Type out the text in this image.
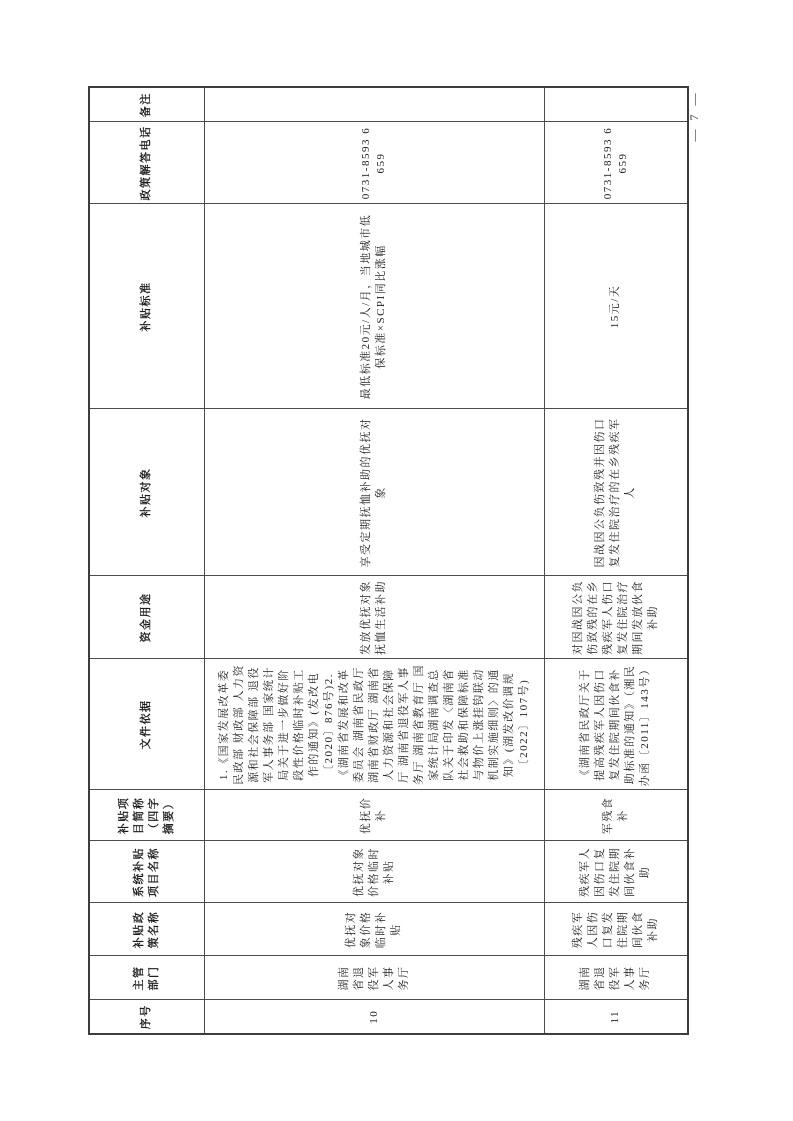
序号	主管部门	补贴政策名称	系统补贴项目名称	补贴项目简称（四字摘要）	文件依据	资金用途	补贴对象	补贴标准	政策解答电话	备注
10	湖南省退役军人事务厅	优抚对象价格临时补贴	优抚对象价格临时补贴	优抚价补	1.《国家发展改革委 民政部 财政部 人力资源和社会保障部 退役军人事务部 国家统计局关于进一步做好阶段性价格临时补贴工作的通知》(发改电〔2020〕876号)2.《湖南省发展和改革委员会 湖南省民政厅 湖南省财政厅 湖南省人力资源和社会保障厅 湖南省退役军人事务厅 湖南省教育厅 国家统计局湖南调查总队关于印发〈湖南省社会救助和保障标准与物价上涨挂钩联动机制实施细则〉的通知》(湖发改价调规〔2022〕107号)	发放优抚对象抚恤生活补助	享受定期抚恤补助的优抚对象	最低标准20元/人/月，当地城市低保标准×SCPI同比涨幅	0731-8593 6659	
11	湖南省退役军人事务厅	残疾军人因伤口复发住院期间伙食补助	残疾军人因伤口复发住院期间伙食补助	军残食补	《湖南省民政厅关于提高残疾军人因伤口复发住院期间伙食补助标准的通知》（湘民办函〔2011〕143号）	对因战因公负伤致残的在乡残疾军人伤口复发住院治疗期间发放伙食补助	因战因公负伤致残并因伤口复发住院治疗的在乡残疾军人	15元/天	0731-8593 6659	
— 7 —
